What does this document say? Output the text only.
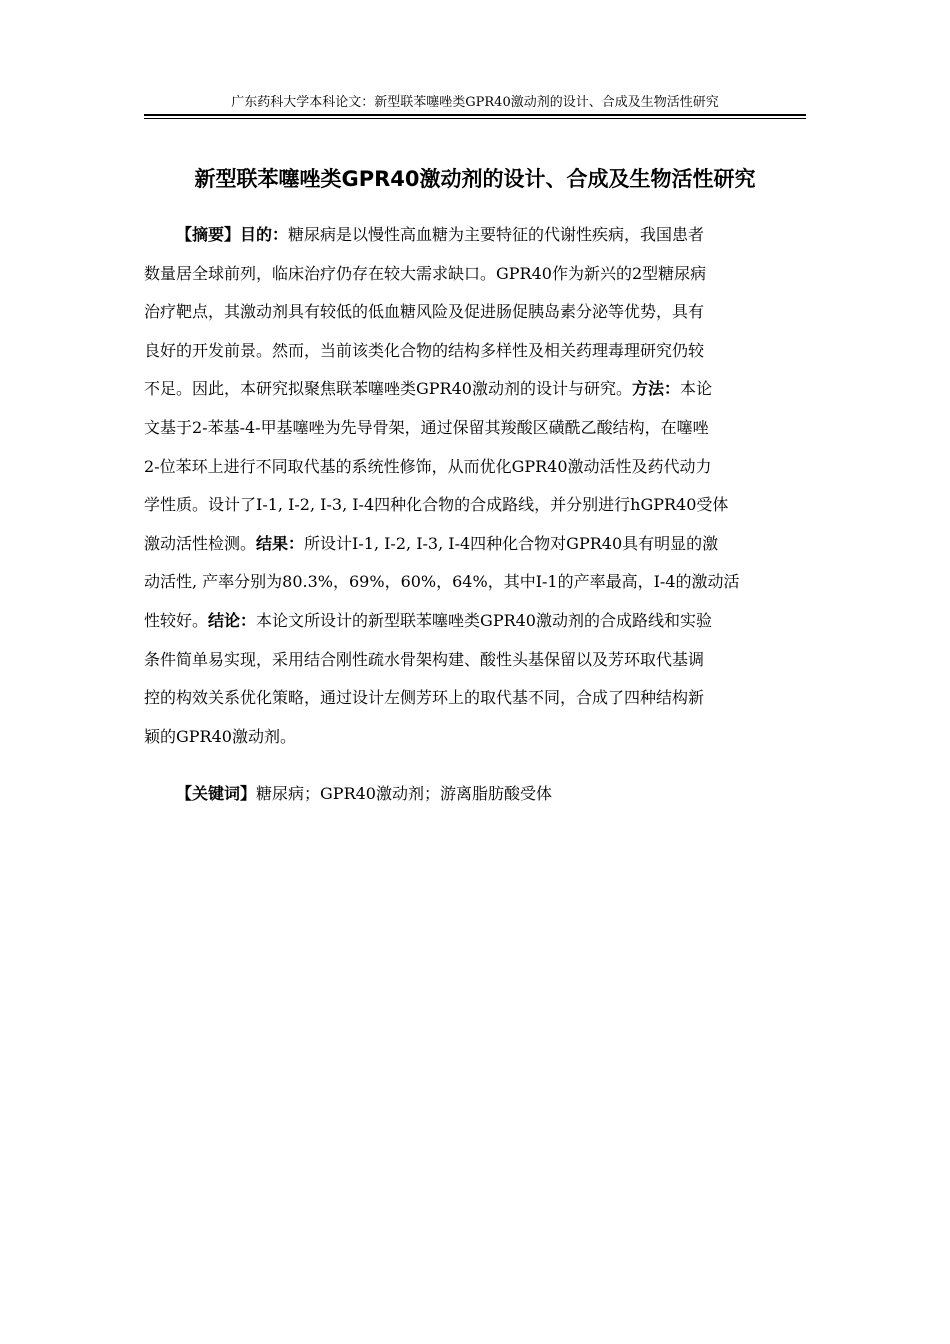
广东药科大学本科论文：新型联苯噻唑类GPR40激动剂的设计、合成及生物活性研究
新型联苯噻唑类GPR40激动剂的设计、合成及生物活性研究
【摘要】目的：糖尿病是以慢性高血糖为主要特征的代谢性疾病，我国患者
数量居全球前列，临床治疗仍存在较大需求缺口。GPR40作为新兴的2型糖尿病
治疗靶点，其激动剂具有较低的低血糖风险及促进肠促胰岛素分泌等优势，具有
良好的开发前景。然而，当前该类化合物的结构多样性及相关药理毒理研究仍较
不足。因此，本研究拟聚焦联苯噻唑类GPR40激动剂的设计与研究。方法：本论
文基于2-苯基-4-甲基噻唑为先导骨架，通过保留其羧酸区磺酰乙酸结构，在噻唑
2-位苯环上进行不同取代基的系统性修饰，从而优化GPR40激动活性及药代动力
学性质。设计了I-1, I-2, I-3, I-4四种化合物的合成路线，并分别进行hGPR40受体
激动活性检测。结果：所设计I-1, I-2, I-3, I-4四种化合物对GPR40具有明显的激
动活性, 产率分别为80.3%，69%，60%，64%，其中I-1的产率最高，I-4的激动活
性较好。结论：本论文所设计的新型联苯噻唑类GPR40激动剂的合成路线和实验
条件简单易实现，采用结合刚性疏水骨架构建、酸性头基保留以及芳环取代基调
控的构效关系优化策略，通过设计左侧芳环上的取代基不同，合成了四种结构新
颖的GPR40激动剂。
【关键词】糖尿病；GPR40激动剂；游离脂肪酸受体
